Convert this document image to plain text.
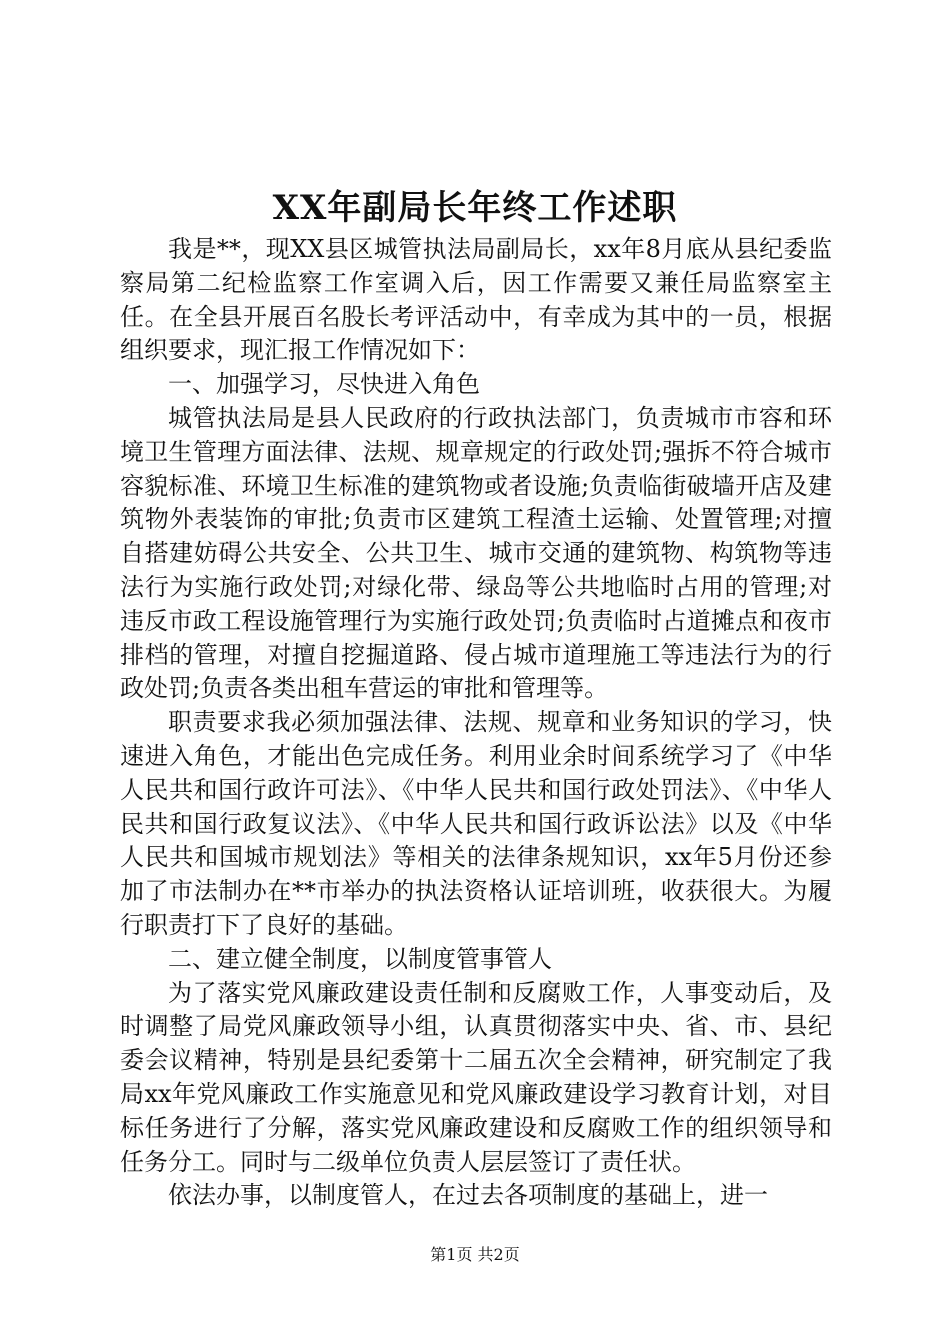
XX年副局长年终工作述职

我是**，现XX县区城管执法局副局长，xx年8月底从县纪委监察局第二纪检监察工作室调入后，因工作需要又兼任局监察室主任。在全县开展百名股长考评活动中，有幸成为其中的一员，根据组织要求，现汇报工作情况如下：

一、加强学习，尽快进入角色

城管执法局是县人民政府的行政执法部门，负责城市市容和环境卫生管理方面法律、法规、规章规定的行政处罚;强拆不符合城市容貌标准、环境卫生标准的建筑物或者设施;负责临街破墙开店及建筑物外表装饰的审批;负责市区建筑工程渣土运输、处置管理;对擅自搭建妨碍公共安全、公共卫生、城市交通的建筑物、构筑物等违法行为实施行政处罚;对绿化带、绿岛等公共地临时占用的管理;对违反市政工程设施管理行为实施行政处罚;负责临时占道摊点和夜市排档的管理，对擅自挖掘道路、侵占城市道理施工等违法行为的行政处罚;负责各类出租车营运的审批和管理等。

职责要求我必须加强法律、法规、规章和业务知识的学习，快速进入角色，才能出色完成任务。利用业余时间系统学习了《中华人民共和国行政许可法》、《中华人民共和国行政处罚法》、《中华人民共和国行政复议法》、《中华人民共和国行政诉讼法》以及《中华人民共和国城市规划法》等相关的法律条规知识，xx年5月份还参加了市法制办在**市举办的执法资格认证培训班，收获很大。为履行职责打下了良好的基础。

二、建立健全制度，以制度管事管人

为了落实党风廉政建设责任制和反腐败工作，人事变动后，及时调整了局党风廉政领导小组，认真贯彻落实中央、省、市、县纪委会议精神，特别是县纪委第十二届五次全会精神，研究制定了我局xx年党风廉政工作实施意见和党风廉政建设学习教育计划，对目标任务进行了分解，落实党风廉政建设和反腐败工作的组织领导和任务分工。同时与二级单位负责人层层签订了责任状。

依法办事，以制度管人，在过去各项制度的基础上，进一

第1页 共2页
